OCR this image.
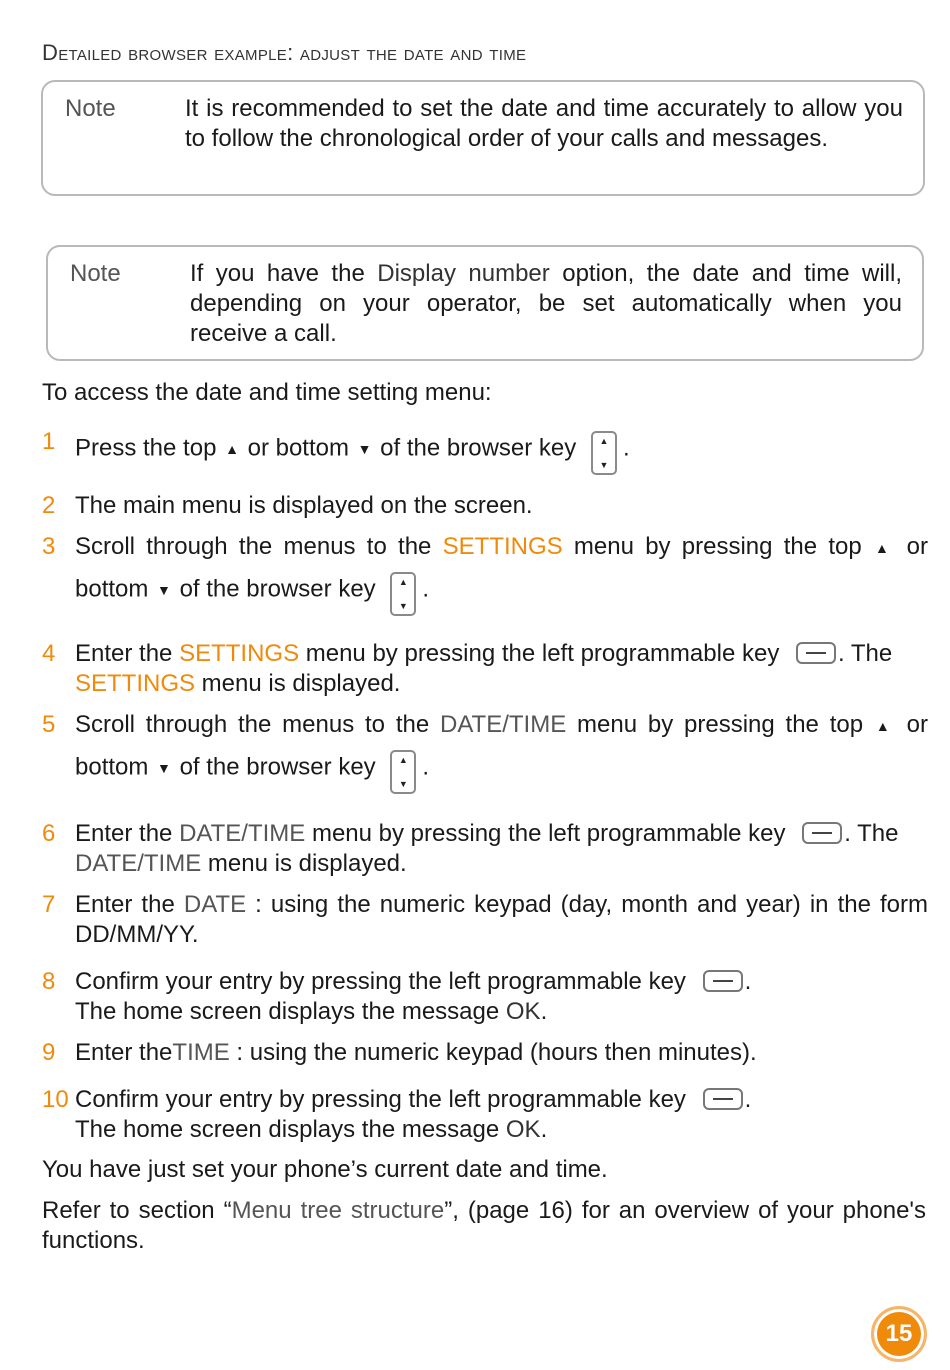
Detailed browser example: adjust the date and time
Note	It is recommended to set the date and time accurately to allow you to follow the chronological order of your calls and messages.
Note	If you have the Display number option, the date and time will, depending on your operator, be set automatically when you receive a call.
To access the date and time setting menu:
1 Press the top ▲ or bottom ▼ of the browser key	▲
▼
.
2 The main menu is displayed on the screen.
3 Scroll through the menus to the SETTINGS menu by pressing the top ▲ or bottom ▼ of the browser key	▲
▼
.
4 Enter the SETTINGS menu by pressing the left programmable key . The SETTINGS menu is displayed.
5 Scroll through the menus to the DATE/TIME menu by pressing the top ▲ or bottom ▼ of the browser key	▲
▼
.
6 Enter the DATE/TIME menu by pressing the left programmable key . The DATE/TIME menu is displayed.
7 Enter the DATE : using the numeric keypad (day, month and year) in the form DD/MM/YY.
8 Confirm your entry by pressing the left programmable key .
The home screen displays the message OK.
9 Enter theTIME : using the numeric keypad (hours then minutes).
10 Confirm your entry by pressing the left programmable key .
The home screen displays the message OK.
You have just set your phone’s current date and time.
Refer to section “Menu tree structure”, (page 16) for an overview of your phone's functions.
15
